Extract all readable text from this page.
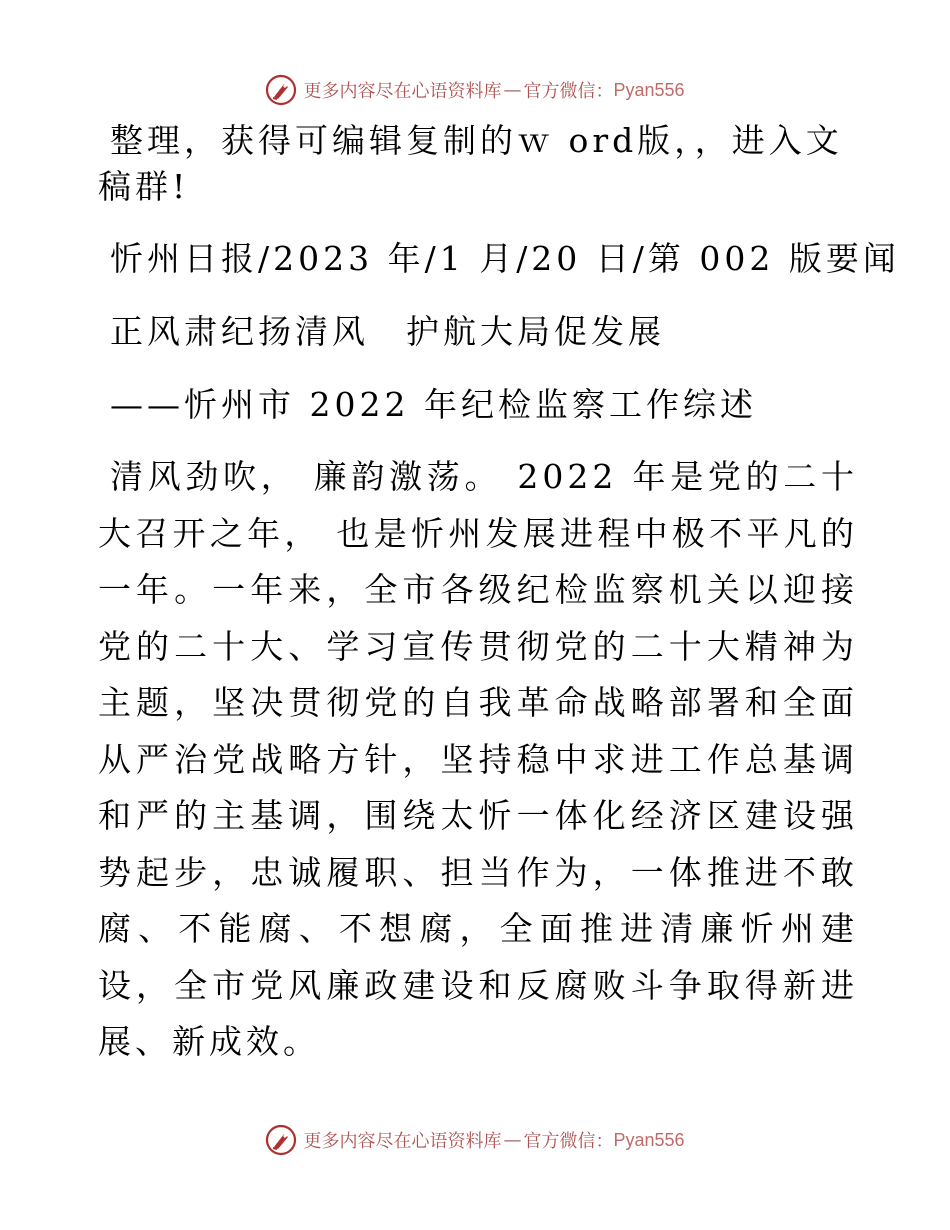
更多内容尽在心语资料库 — 官方微信： Pyan556

整理，获得可编辑复制的ｗ ord版，，进入文稿群!

忻州日报/2023 年/1 月/20 日/第 002 版要闻

正风肃纪扬清风　护航大局促发展

——忻州市 2022 年纪检监察工作综述

清风劲吹， 廉韵激荡。 2022 年是党的二十大召开之年， 也是忻州发展进程中极不平凡的一年。一年来，全市各级纪检监察机关以迎接党的二十大、学习宣传贯彻党的二十大精神为主题，坚决贯彻党的自我革命战略部署和全面从严治党战略方针，坚持稳中求进工作总基调和严的主基调，围绕太忻一体化经济区建设强势起步，忠诚履职、担当作为，一体推进不敢腐、不能腐、不想腐，全面推进清廉忻州建设，全市党风廉政建设和反腐败斗争取得新进展、新成效。

更多内容尽在心语资料库 — 官方微信： Pyan556
